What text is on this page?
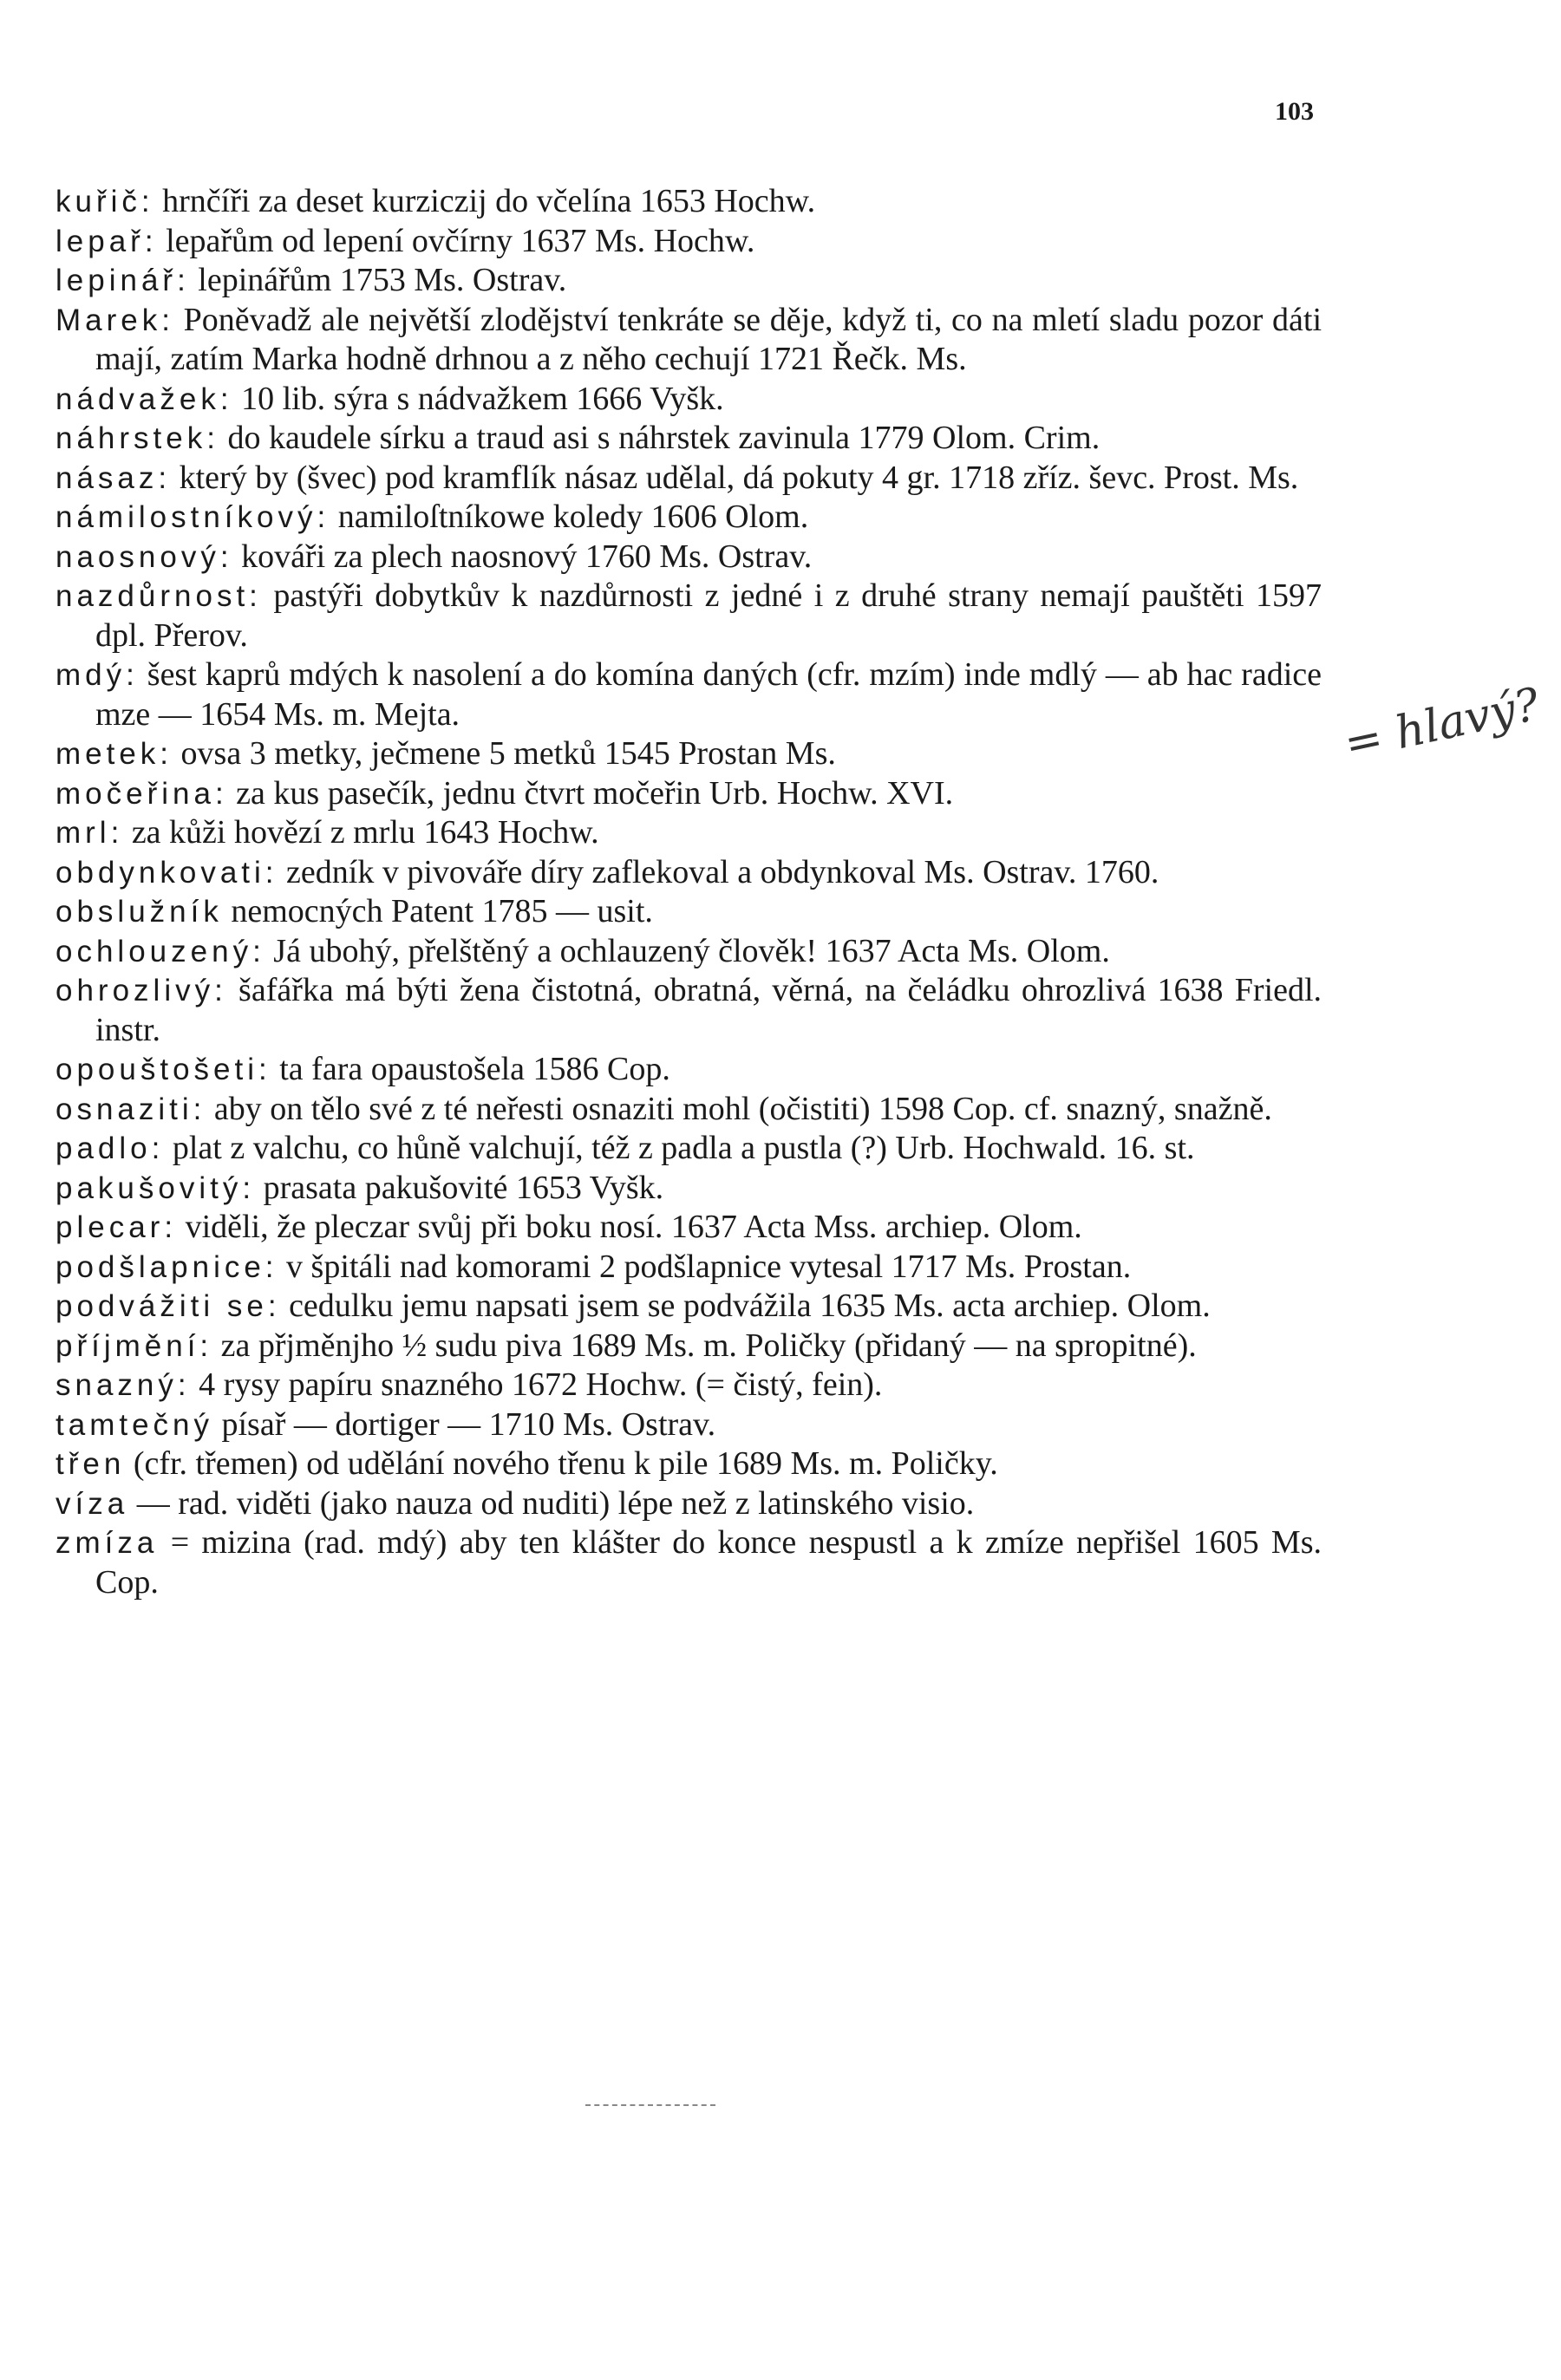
103

kuřič: hrnčíři za deset kurziczij do včelína 1653 Hochw.

lepař: lepařům od lepení ovčírny 1637 Ms. Hochw.

lepinář: lepinářům 1753 Ms. Ostrav.

Marek: Poněvadž ale největší zlodějství tenkráte se děje, když ti, co na mletí sladu pozor dáti mají, zatím Marka hodně drhnou a z něho cechují 1721 Řečk. Ms.

nádvažek: 10 lib. sýra s nádvažkem 1666 Vyšk.

náhrstek: do kaudele sírku a traud asi s náhrstek zavinula 1779 Olom. Crim.

násaz: který by (švec) pod kramflík násaz udělal, dá pokuty 4 gr. 1718 zříz. ševc. Prost. Ms.

námilostníkový: namiloſtníkowe koledy 1606 Olom.

naosnový: kováři za plech naosnový 1760 Ms. Ostrav.

nazdůrnost: pastýři dobytkův k nazdůrnosti z jedné i z druhé strany nemají pauštěti 1597 dpl. Přerov.

mdý: šest kaprů mdých k nasolení a do komína daných (cfr. mzím) inde mdlý — ab hac radice mze — 1654 Ms. m. Mejta.

metek: ovsa 3 metky, ječmene 5 metků 1545 Prostan Ms.

močeřina: za kus pasečík, jednu čtvrt močeřin Urb. Hochw. XVI.

mrl: za kůži hovězí z mrlu 1643 Hochw.

obdynkovati: zedník v pivováře díry zaflekoval a obdynkoval Ms. Ostrav. 1760.

obslužník nemocných Patent 1785 — usit.

ochlouzený: Já ubohý, přelštěný a ochlauzený člověk! 1637 Acta Ms. Olom.

ohrozlivý: šafářka má býti žena čistotná, obratná, věrná, na čeládku ohrozlivá 1638 Friedl. instr.

opouštošeti: ta fara opaustošela 1586 Cop.

osnaziti: aby on tělo své z té neřesti osnaziti mohl (očistiti) 1598 Cop. cf. snazný, snažně.

padlo: plat z valchu, co hůně valchují, též z padla a pustla (?) Urb. Hochwald. 16. st.

pakušovitý: prasata pakušovité 1653 Vyšk.

plecar: viděli, že pleczar svůj při boku nosí. 1637 Acta Mss. archiep. Olom.

podšlapnice: v špitáli nad komorami 2 podšlapnice vytesal 1717 Ms. Prostan.

podvážiti se: cedulku jemu napsati jsem se podvážila 1635 Ms. acta archiep. Olom.

příjmění: za přjměnjho ½ sudu piva 1689 Ms. m. Poličky (přidaný — na spropitné).

snazný: 4 rysy papíru snazného 1672 Hochw. (= čistý, fein).

tamtečný písař — dortiger — 1710 Ms. Ostrav.

třen (cfr. třemen) od udělání nového třenu k pile 1689 Ms. m. Poličky.

víza — rad. viděti (jako nauza od nuditi) lépe než z latinského visio.

zmíza = mizina (rad. mdý) aby ten klášter do konce nespustl a k zmíze nepřišel 1605 Ms. Cop.

= hlavý?
